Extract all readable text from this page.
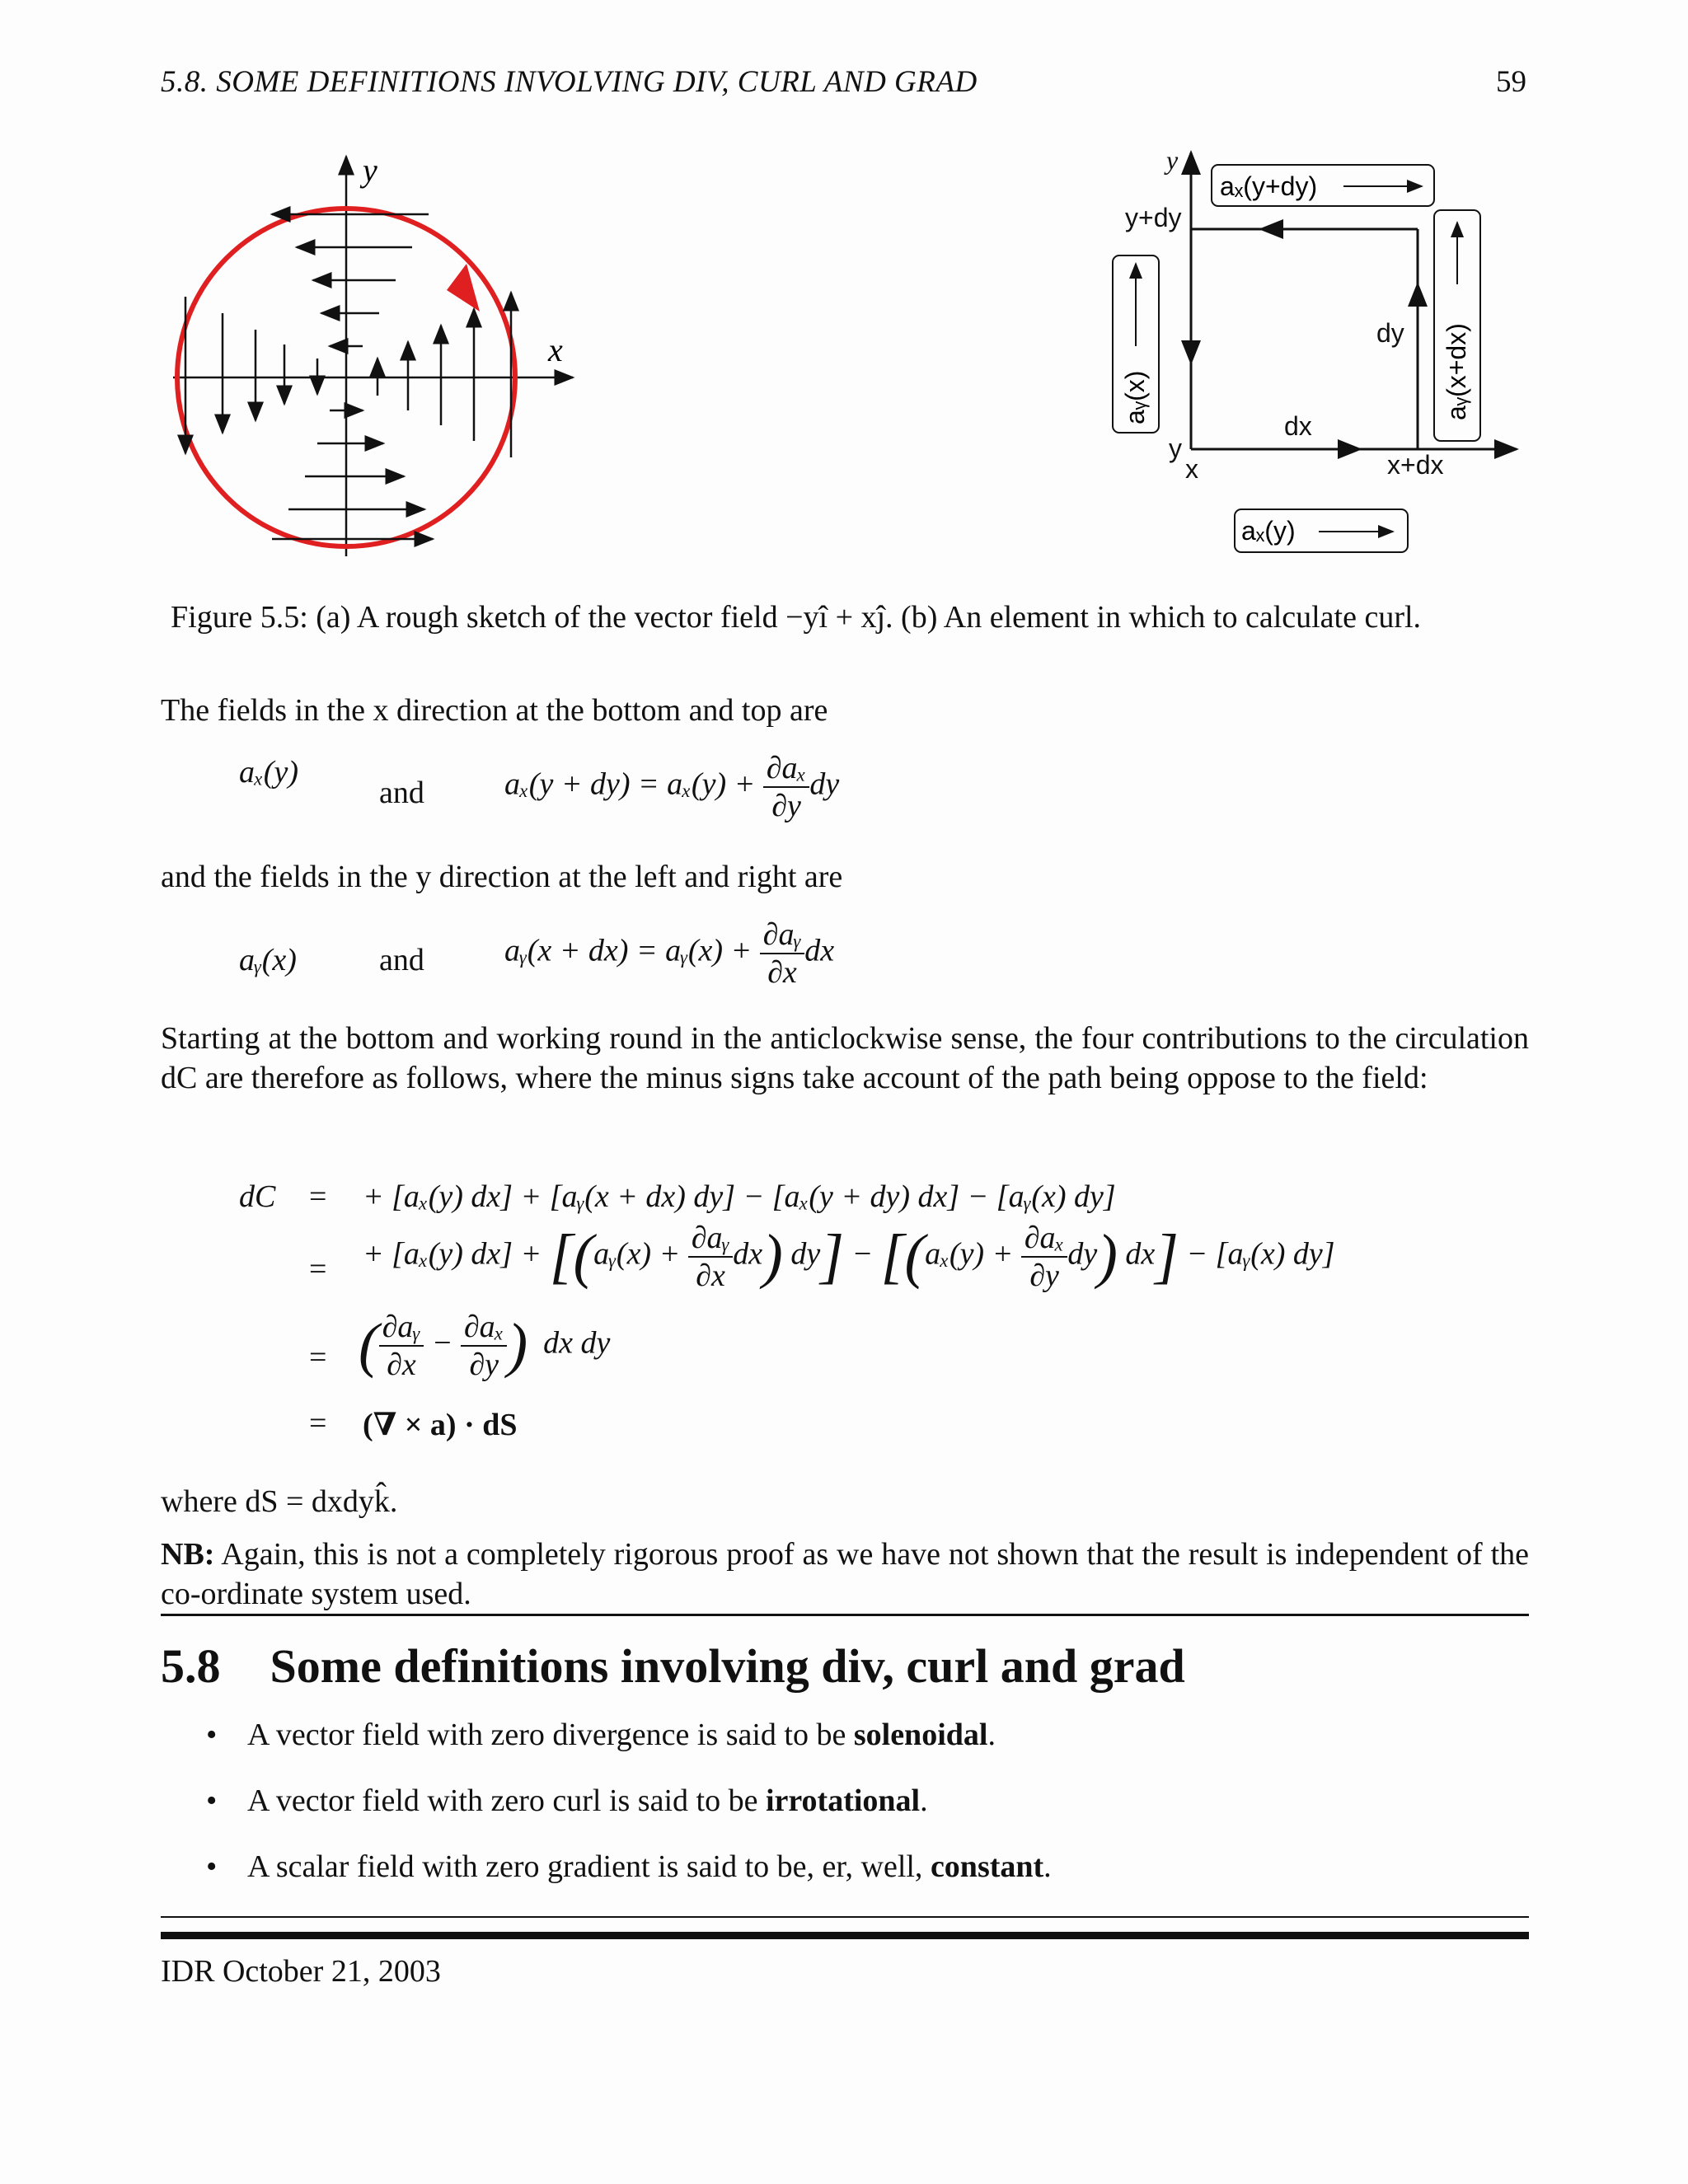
5.8. SOME DEFINITIONS INVOLVING DIV, CURL AND GRAD	59
y
x
aₓ(y+dy)
aₓ(y)
aᵧ(x)	aᵧ(x+dx)
y
y+dy
y
x
dx
dy
x+dx
Figure 5.5: (a) A rough sketch of the vector field −yî + xĵ. (b) An element in which to calculate curl.
The fields in the x direction at the bottom and top are
aₓ(y)
and	$a_x(y + dy) = a_x(y) + \frac{\text{∂aₓ}}{\partial y}$ dy
and the fields in the y direction at the left and right are
aᵧ(x)	and	aᵧ(x + dx) = aᵧ(x) + $\frac{\text{∂aᵧ}}{\partial x}$ dx
Starting at the bottom and working round in the anticlockwise sense, the four contributions to the circulation dC are therefore as follows, where the minus signs take account of the path being oppose to the field:
dC = + [aₓ(y) dx] + [aᵧ(x + dx) dy] − [aₓ(y + dy) dx] − [aᵧ(x) dy]
= + [aₓ(y) dx] + [(aᵧ(x) + $\frac{\text{∂aᵧ}}{\partial x} dx$) $dy] - [(a_x(y) + \frac{\text{∂aₓ}}{\partial y} dy)$ dx] − [aᵧ(x) dy]
= ( $\frac{\text{∂aᵧ}}{\partial x} - \frac{\text{∂aₓ}}{\partial y}$ ) dx dy
= (∇ × a) · dS
where dS = dxdyk̂.
NB: Again, this is not a completely rigorous proof as we have not shown that the result is independent of the co-ordinate system used.
5.8 Some definitions involving div, curl and grad
• A vector field with zero divergence is said to be solenoidal.
• A vector field with zero curl is said to be irrotational.
• A scalar field with zero gradient is said to be, er, well, constant.
IDR October 21, 2003
